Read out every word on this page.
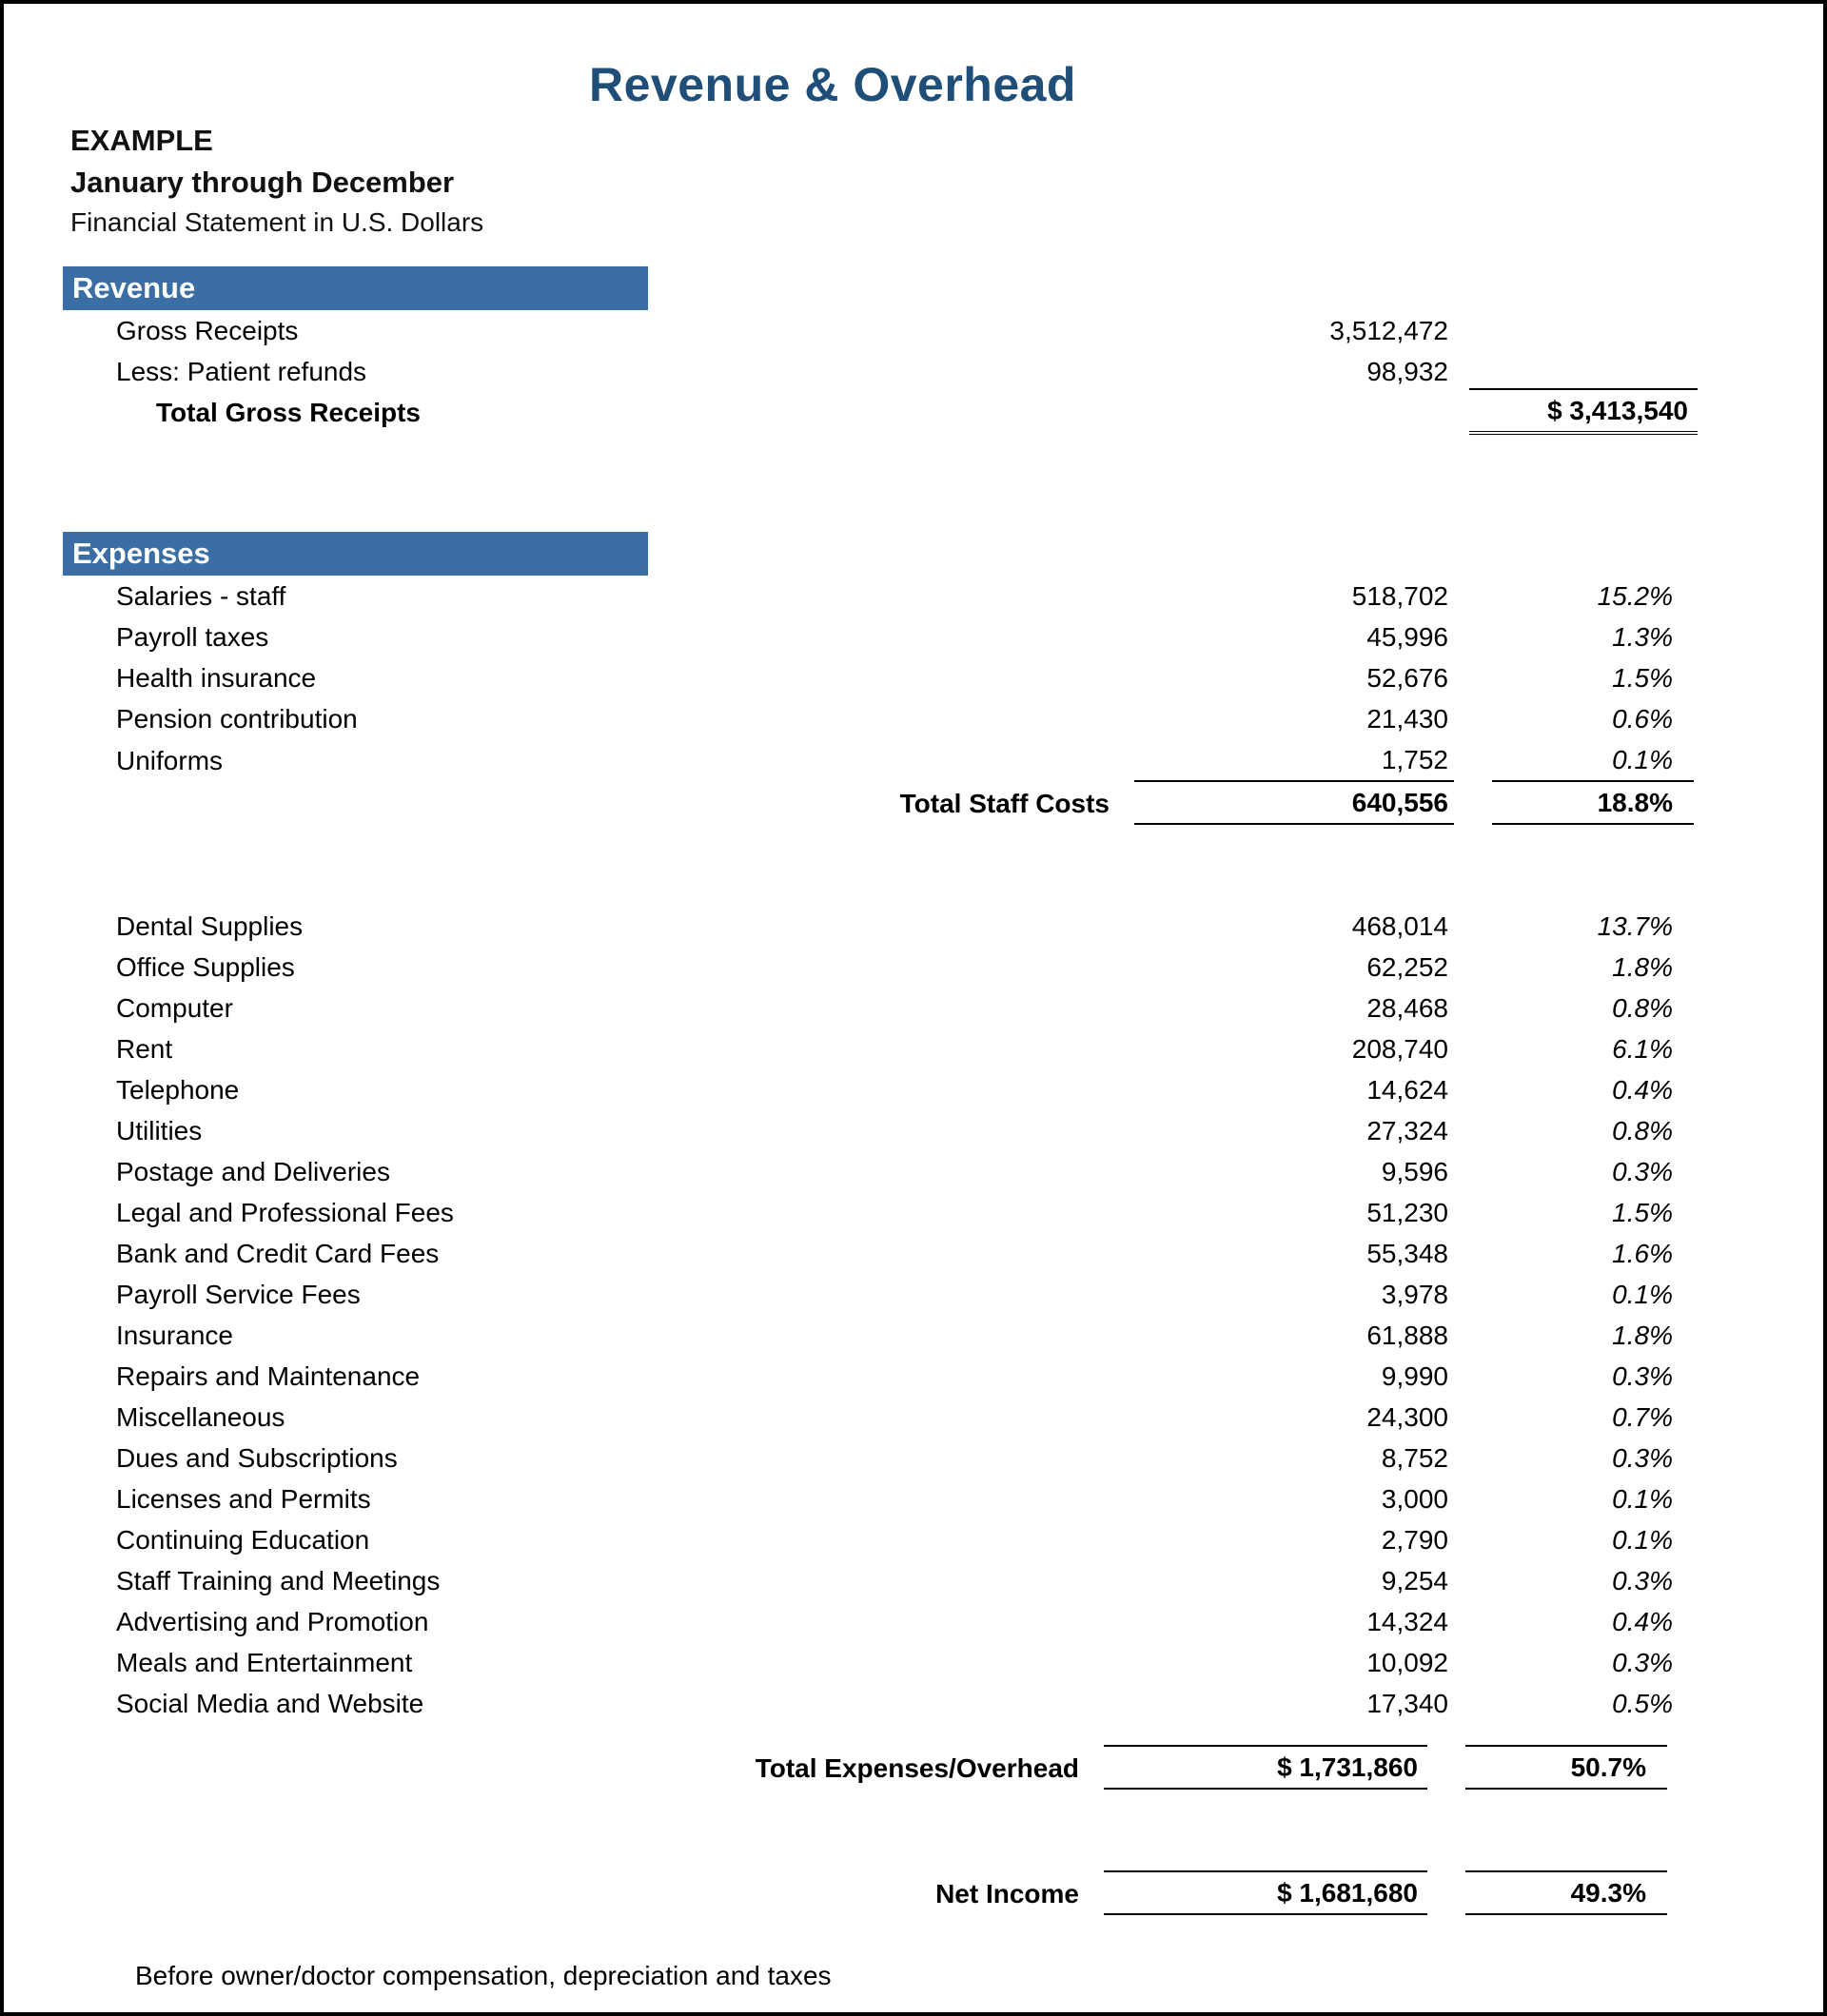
Revenue & Overhead
EXAMPLE
January through December
Financial Statement in U.S. Dollars
Revenue
Gross Receipts		3,512,472			
Less: Patient refunds		98,932			
Total Gross Receipts						$ 3,413,540
Expenses
Salaries - staff		518,702		15.2%	
Payroll taxes		45,996		1.3%	
Health insurance		52,676		1.5%	
Pension contribution		21,430		0.6%	
Uniforms		1,752		0.1%	
Total Staff Costs		640,556		18.8%	

Dental Supplies		468,014		13.7%	
Office Supplies		62,252		1.8%	
Computer		28,468		0.8%	
Rent		208,740		6.1%	
Telephone		14,624		0.4%	
Utilities		27,324		0.8%	
Postage and Deliveries		9,596		0.3%	
Legal and Professional Fees		51,230		1.5%	
Bank and Credit Card Fees		55,348		1.6%	
Payroll Service Fees		3,978		0.1%	
Insurance		61,888		1.8%	
Repairs and Maintenance		9,990		0.3%	
Miscellaneous		24,300		0.7%	
Dues and Subscriptions		8,752		0.3%	
Licenses and Permits		3,000		0.1%	
Continuing Education		2,790		0.1%	
Staff Training and Meetings		9,254		0.3%	
Advertising and Promotion		14,324		0.4%	
Meals and Entertainment		10,092		0.3%	
Social Media and Website		17,340		0.5%	
Total Expenses/Overhead	$ 1,731,860		50.7%	

Net Income	$ 1,681,680		49.3%	

Before owner/doctor compensation, depreciation and taxes
